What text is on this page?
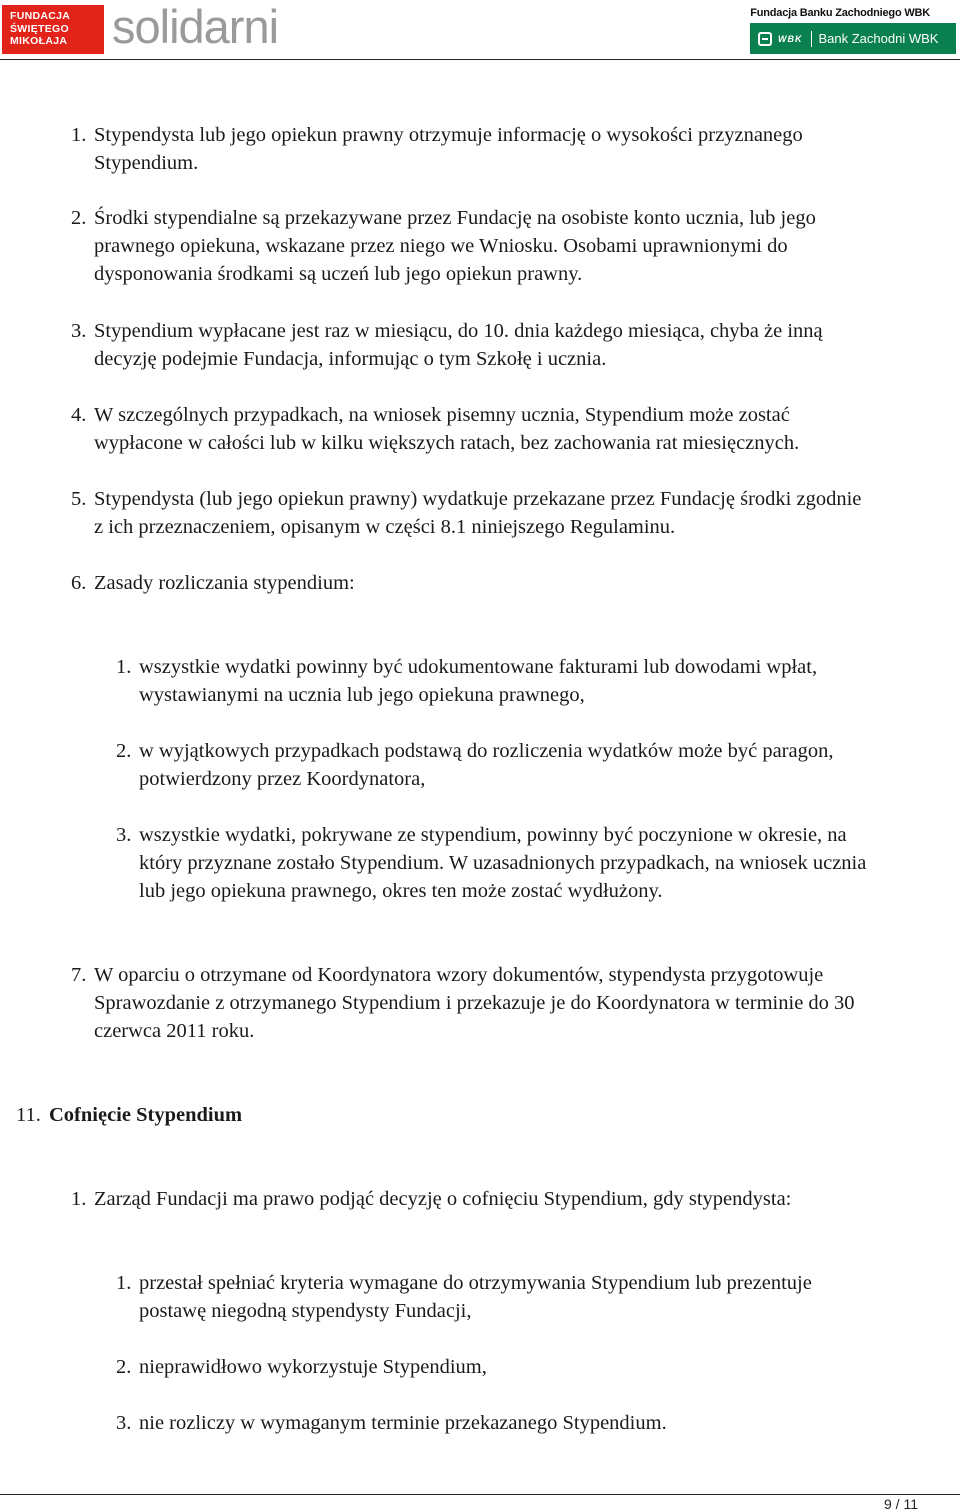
FUNDACJA
ŚWIĘTEGO
MIKOŁAJA solidarni	Fundacja Banku Zachodniego WBK
WBK Bank Zachodni WBK
1. Stypendysta lub jego opiekun prawny otrzymuje informację o wysokości przyznanego
Stypendium.
2. Środki stypendialne są przekazywane przez Fundację na osobiste konto ucznia, lub jego
prawnego opiekuna, wskazane przez niego we Wniosku. Osobami uprawnionymi do
dysponowania środkami są uczeń lub jego opiekun prawny.
3. Stypendium wypłacane jest raz w miesiącu, do 10. dnia każdego miesiąca, chyba że inną
decyzję podejmie Fundacja, informując o tym Szkołę i ucznia.
4. W szczególnych przypadkach, na wniosek pisemny ucznia, Stypendium może zostać
wypłacone w całości lub w kilku większych ratach, bez zachowania rat miesięcznych.
5. Stypendysta (lub jego opiekun prawny) wydatkuje przekazane przez Fundację środki zgodnie
z ich przeznaczeniem, opisanym w części 8.1 niniejszego Regulaminu.
6. Zasady rozliczania stypendium:
1. wszystkie wydatki powinny być udokumentowane fakturami lub dowodami wpłat,
wystawianymi na ucznia lub jego opiekuna prawnego,
2. w wyjątkowych przypadkach podstawą do rozliczenia wydatków może być paragon,
potwierdzony przez Koordynatora,
3. wszystkie wydatki, pokrywane ze stypendium, powinny być poczynione w okresie, na
który przyznane zostało Stypendium. W uzasadnionych przypadkach, na wniosek ucznia
lub jego opiekuna prawnego, okres ten może zostać wydłużony.
7. W oparciu o otrzymane od Koordynatora wzory dokumentów, stypendysta przygotowuje
Sprawozdanie z otrzymanego Stypendium i przekazuje je do Koordynatora w terminie do 30
czerwca 2011 roku.
11. Cofnięcie Stypendium
1. Zarząd Fundacji ma prawo podjąć decyzję o cofnięciu Stypendium, gdy stypendysta:
1. przestał spełniać kryteria wymagane do otrzymywania Stypendium lub prezentuje
postawę niegodną stypendysty Fundacji,
2. nieprawidłowo wykorzystuje Stypendium,
3. nie rozliczy w wymaganym terminie przekazanego Stypendium.
9 / 11
